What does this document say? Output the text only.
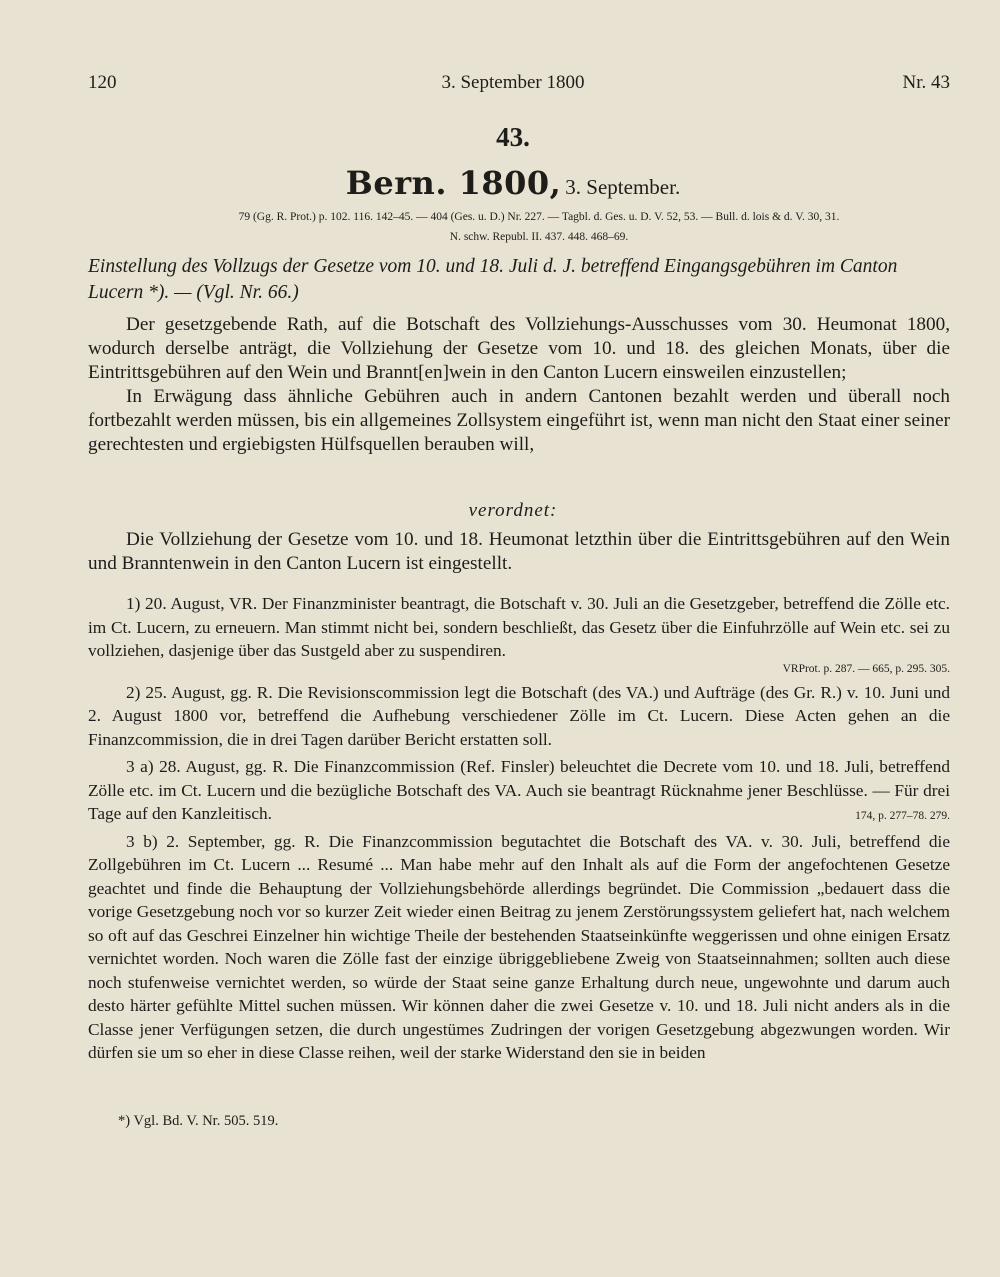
120	3. September 1800	Nr. 43
43.
Bern. 1800, 3. September.
79 (Gg. R. Prot.) p. 102. 116. 142–45. — 404 (Ges. u. D.) Nr. 227. — Tagbl. d. Ges. u. D. V. 52, 53. — Bull. d. lois & d. V. 30, 31.
N. schw. Republ. II. 437. 448. 468–69.
Einstellung des Vollzugs der Gesetze vom 10. und 18. Juli d. J. betreffend Eingangsgebühren im Canton Lucern *). — (Vgl. Nr. 66.)

Der gesetzgebende Rath, auf die Botschaft des Vollziehungs-Ausschusses vom 30. Heumonat 1800, wodurch derselbe anträgt, die Vollziehung der Gesetze vom 10. und 18. des gleichen Monats, über die Eintrittsgebühren auf den Wein und Brannt[en]wein in den Canton Lucern einsweilen einzustellen;

In Erwägung dass ähnliche Gebühren auch in andern Cantonen bezahlt werden und überall noch fortbezahlt werden müssen, bis ein allgemeines Zollsystem eingeführt ist, wenn man nicht den Staat einer seiner gerechtesten und ergiebigsten Hülfsquellen berauben will,

verordnet:

Die Vollziehung der Gesetze vom 10. und 18. Heumonat letzthin über die Eintrittsgebühren auf den Wein und Branntenwein in den Canton Lucern ist eingestellt.

1) 20. August, VR. Der Finanzminister beantragt, die Botschaft v. 30. Juli an die Gesetzgeber, betreffend die Zölle etc. im Ct. Lucern, zu erneuern. Man stimmt nicht bei, sondern beschließt, das Gesetz über die Einfuhrzölle auf Wein etc. sei zu vollziehen, dasjenige über das Sustgeld aber zu suspendiren.
VRProt. p. 287. — 665, p. 295. 305.
2) 25. August, gg. R. Die Revisionscommission legt die Botschaft (des VA.) und Aufträge (des Gr. R.) v. 10. Juni und 2. August 1800 vor, betreffend die Aufhebung verschiedener Zölle im Ct. Lucern. Diese Acten gehen an die Finanzcommission, die in drei Tagen darüber Bericht erstatten soll.
3 a) 28. August, gg. R. Die Finanzcommission (Ref. Finsler) beleuchtet die Decrete vom 10. und 18. Juli, betreffend Zölle etc. im Ct. Lucern und die bezügliche Botschaft des VA. Auch sie beantragt Rücknahme jener Beschlüsse. — Für drei Tage auf den Kanzleitisch.	174, p. 277–78. 279.
3 b) 2. September, gg. R. Die Finanzcommission begutachtet die Botschaft des VA. v. 30. Juli, betreffend die Zollgebühren im Ct. Lucern ... Resumé ... Man habe mehr auf den Inhalt als auf die Form der angefochtenen Gesetze geachtet und finde die Behauptung der Vollziehungsbehörde allerdings begründet. Die Commission „bedauert dass die vorige Gesetzgebung noch vor so kurzer Zeit wieder einen Beitrag zu jenem Zerstörungssystem geliefert hat, nach welchem so oft auf das Geschrei Einzelner hin wichtige Theile der bestehenden Staatseinkünfte weggerissen und ohne einigen Ersatz vernichtet worden. Noch waren die Zölle fast der einzige übriggebliebene Zweig von Staatseinnahmen; sollten auch diese noch stufenweise vernichtet werden, so würde der Staat seine ganze Erhaltung durch neue, ungewohnte und darum auch desto härter gefühlte Mittel suchen müssen. Wir können daher die zwei Gesetze v. 10. und 18. Juli nicht anders als in die Classe jener Verfügungen setzen, die durch ungestümes Zudringen der vorigen Gesetzgebung abgezwungen worden. Wir dürfen sie um so eher in diese Classe reihen, weil der starke Widerstand den sie in beiden
*) Vgl. Bd. V. Nr. 505. 519.
